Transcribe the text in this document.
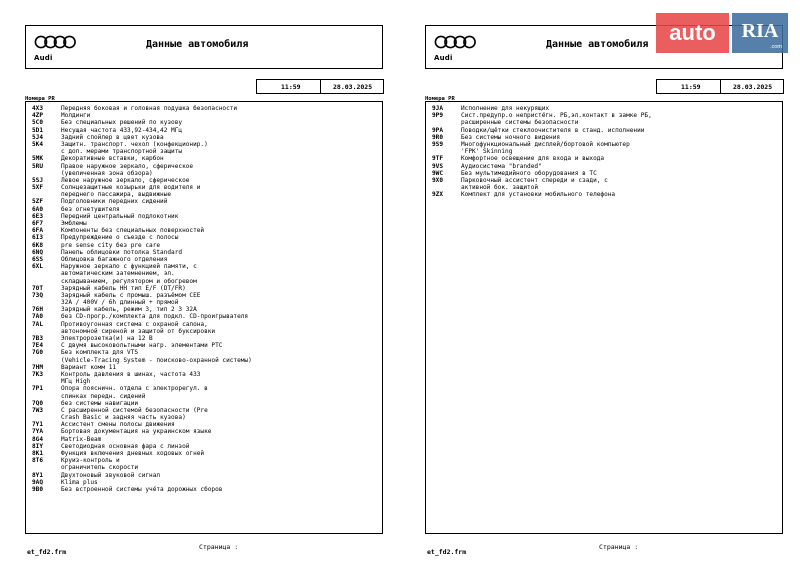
Audi
Данные автомобиля
11:59	28.03.2025
Номера PR
4X3	Передняя боковая и головная подушка безопасности
4ZP	Молдинги
5C0	Без специальных решений по кузову
5D1	Несущая частота 433,92-434,42 МГц
5J4	Задний спойлер в цвет кузова
5K4	Защитн. транспорт. чехол (конфекционир.)
с доп. мерами транспортной защиты
5MK	Декоративные вставки, карбон
5RU	Правое наружное зеркало, сферическое
(увеличенная зона обзора)
5SJ	Левое наружное зеркало, сферическое
5XF	Солнцезащитные козырьки для водителя и
переднего пассажира, выдвижные
5ZF	Подголовники передних сидений
6A0	без огнетушителя
6E3	Передний центральный подлокотник
6F7	Эмблемы
6FA	Компоненты без специальных поверхностей
6I3	Предупреждение о съезде с полосы
6K8	pre sense city без pre care
6NQ	Панель облицовки потолка Standard
6SS	Облицовка багажного отделения
6XL	Наружное зеркало с функцией памяти, с
автоматическим затемнением, эл.
складыванием, регулятором и обогревом
70T	Зарядный кабель НН тип E/F (DT/FR)
73Q	Зарядный кабель с промыш. разъёмом CEE
32A / 400V / 6h длинный + прямой
76H	Зарядный кабель, режим 3, тип 2 3 32A
7A0	без CD-прогр./комплекта для подкл. CD-проигрывателя
7AL	Противоугонная система с охраной салона,
автономной сиреной и защитой от буксировки
7B3	Электророзетка(и) на 12 В
7E4	С двумя высоковольтными нагр. элементами PTC
7G0	Без комплекта для VTS
(Vehicle-Tracing System - поисково-охранной системы)
7HM	Вариант комм 11
7K3	Контроль давления в шинах, частота 433
МГц High
7P1	Опора поясничн. отдела с электрорегул. в
спинках передн. сидений
7Q0	без системы навигации
7W3	С расширенной системой безопасности (Pre
Crash Basic и задняя часть кузова)
7Y1	Ассистент смены полосы движения
7YA	Бортовая документация на украинском языке
8G4	Matrix-Beam
8IY	Светодиодная основная фара с линзой
8K1	Функция включения дневных ходовых огней
8T6	Круиз-контроль и
ограничитель скорости
8Y1	Двухтоновый звуковой сигнал
9AQ	Klima plus
9B0	Без встроенной системы учёта дорожных сборов
Страница :
et_fd2.frm
Audi
Данные автомобиля
11:59	28.03.2025
Номера PR
9JA	Исполнение для некурящих
9P9	Сист.предупр.о непристёгн. РБ,эл.контакт в замке РБ,
расширенные системы безопасности
9PA	Поводки/щётки стеклоочистителя в станд. исполнении
9R0	Без системы ночного видения
9S9	Многофункциональный дисплей/бортовой компьютер
'FPK' Skinning
9TF	Комфортное освещение для входа и выхода
9VS	Аудиосистема "branded"
9WC	Без мультимедийного оборудования в ТС
9X0	Парковочный ассистент спереди и сзади, с
активной бок. защитой
9ZX	Комплект для установки мобильного телефона
Страница :
et_fd2.frm
auto	RIA
.com
